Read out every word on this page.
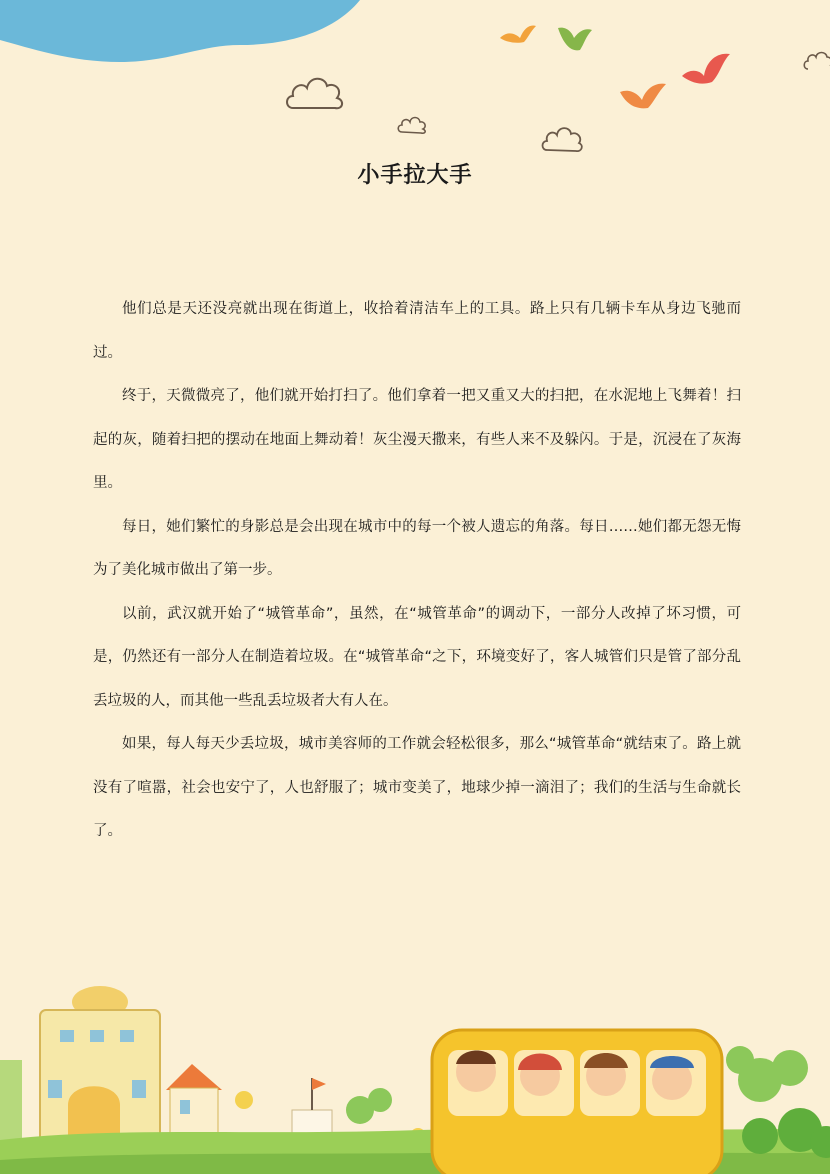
小手拉大手

他们总是天还没亮就出现在街道上，收拾着清洁车上的工具。路上只有几辆卡车从身边飞驰而过。

终于，天微微亮了，他们就开始打扫了。他们拿着一把又重又大的扫把，在水泥地上飞舞着！扫起的灰，随着扫把的摆动在地面上舞动着！灰尘漫天撒来，有些人来不及躲闪。于是，沉浸在了灰海里。

每日，她们繁忙的身影总是会出现在城市中的每一个被人遗忘的角落。每日……她们都无怨无悔为了美化城市做出了第一步。

以前，武汉就开始了“城管革命”，虽然，在“城管革命”的调动下，一部分人改掉了坏习惯，可是，仍然还有一部分人在制造着垃圾。在“城管革命“之下，环境变好了，客人城管们只是管了部分乱丢垃圾的人，而其他一些乱丢垃圾者大有人在。

如果，每人每天少丢垃圾，城市美容师的工作就会轻松很多，那么“城管革命“就结束了。路上就没有了喧嚣，社会也安宁了，人也舒服了；城市变美了，地球少掉一滴泪了；我们的生活与生命就长了。
